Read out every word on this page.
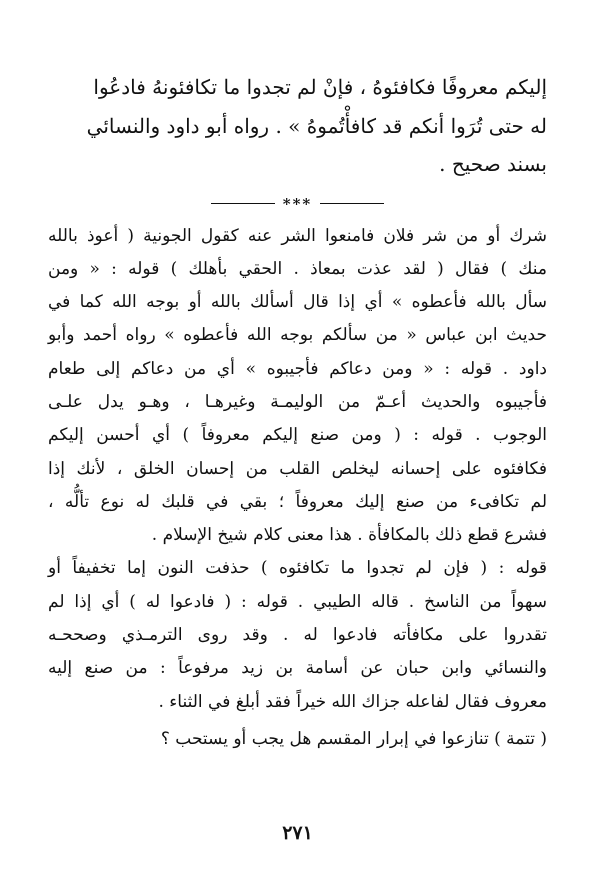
إليكم معروفًا فكافئوهُ ، فإنْ لم تجدوا ما تكافئونهُ فادعُوا

له حتى تُرَوا أنكم قد كافأْتُموهُ » . رواه أبو داود والنسائي

بسند صحيح .

***

شرك أو من شر فلان فامنعوا الشر عنه كقول الجونية ( أعوذ بالله

منك ) فقال ( لقد عذت بمعاذ . الحقي بأهلك ) قوله : « ومن

سأل بالله فأعطوه » أي إذا قال أسألك بالله أو بوجه الله كما في

حديث ابن عباس « من سألكم بوجه الله فأعطوه » رواه أحمد وأبو

داود . قوله : « ومن دعاكم فأجيبوه » أي من دعاكم إلى طعام

فأجيبوه والحديث أعـمّ من الوليمـة وغيرهـا ، وهـو يدل علـى

الوجوب . قوله : ( ومن صنع إليكم معروفاً ) أي أحسن إليكم

فكافئوه على إحسانه ليخلص القلب من إحسان الخلق ، لأنك إذا

لم تكافىء من صنع إليك معروفاً ؛ بقي في قلبك له نوع تألُّه ،

فشرع قطع ذلك بالمكافأة . هذا معنى كلام شيخ الإسلام .

قوله : ( فإن لم تجدوا ما تكافئوه ) حذفت النون إما تخفيفاً أو

سهواً من الناسخ . قاله الطيبي . قوله : ( فادعوا له ) أي إذا لم

تقدروا على مكافأته فادعوا له . وقد روى الترمـذي وصححـه

والنسائي وابن حبان عن أسامة بن زيد مرفوعاً : من صنع إليه

معروف فقال لفاعله جزاك الله خيراً فقد أبلغ في الثناء .

( تتمة ) تنازعوا في إبرار المقسم هل يجب أو يستحب ؟

٢٧١
